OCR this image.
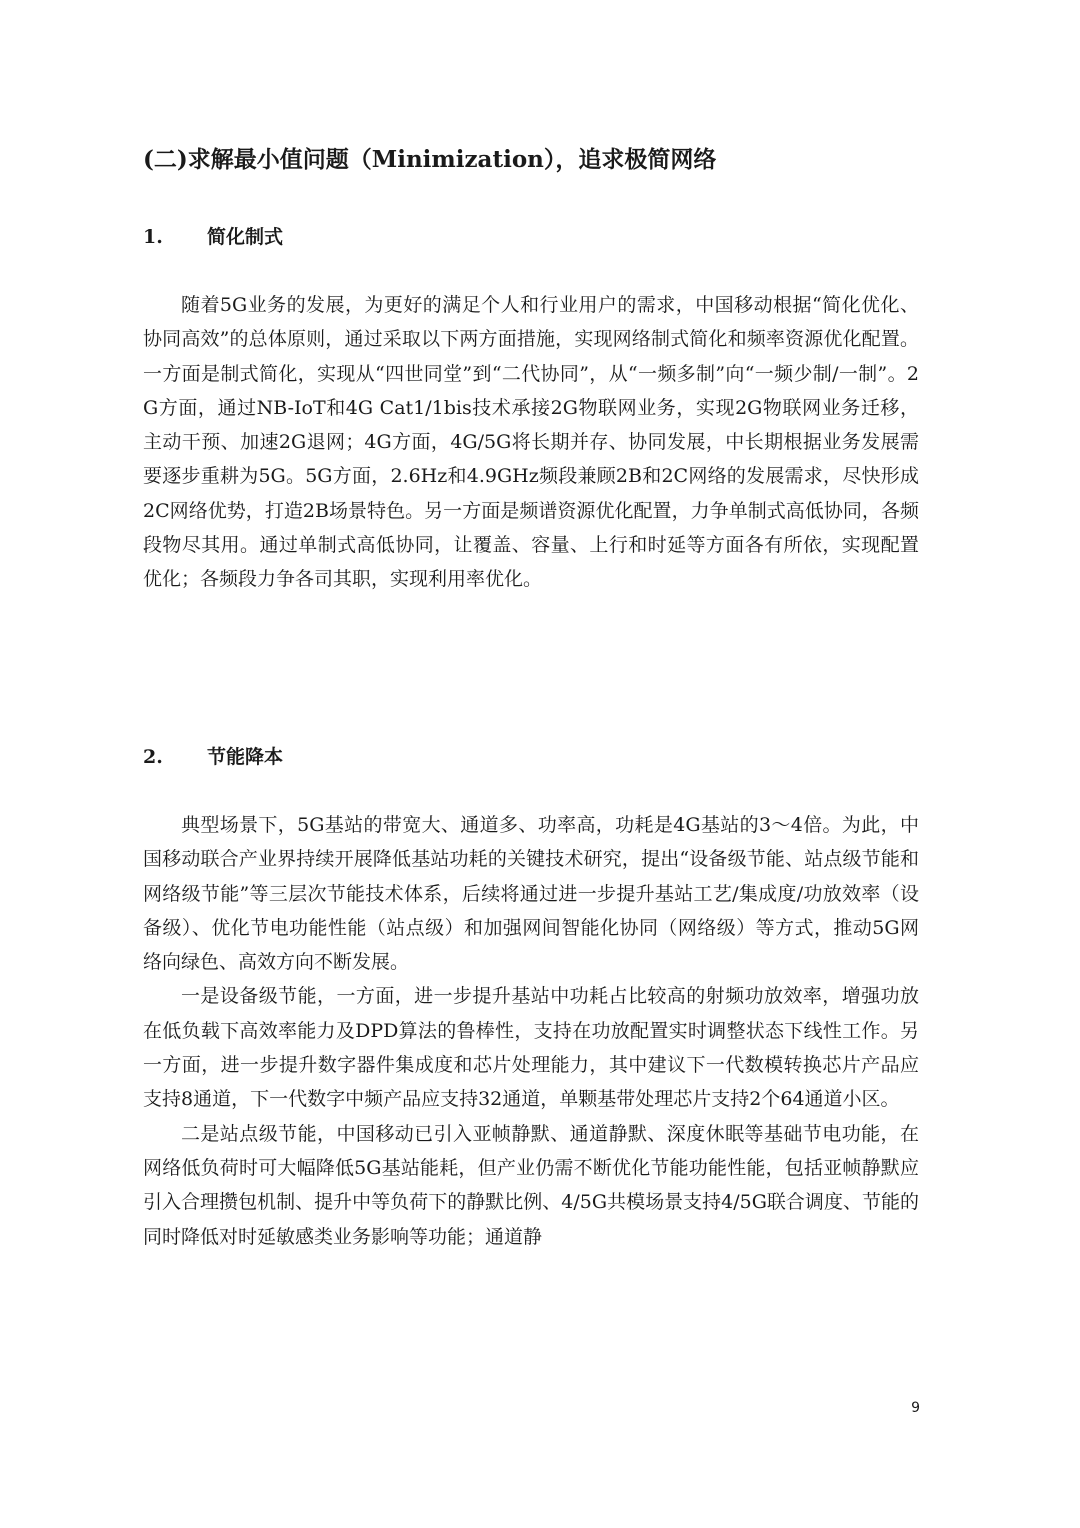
(二)求解最小值问题（Minimization），追求极简网络
1. 简化制式

随着5G业务的发展，为更好的满足个人和行业用户的需求，中国移动根据“简化优化、协同高效”的总体原则，通过采取以下两方面措施，实现网络制式简化和频率资源优化配置。一方面是制式简化，实现从“四世同堂”到“二代协同”，从“一频多制”向“一频少制/一制”。2G方面，通过NB-IoT和4G Cat1/1bis技术承接2G物联网业务，实现2G物联网业务迁移，主动干预、加速2G退网；4G方面，4G/5G将长期并存、协同发展，中长期根据业务发展需要逐步重耕为5G。5G方面，2.6Hz和4.9GHz频段兼顾2B和2C网络的发展需求，尽快形成2C网络优势，打造2B场景特色。另一方面是频谱资源优化配置，力争单制式高低协同，各频段物尽其用。通过单制式高低协同，让覆盖、容量、上行和时延等方面各有所依，实现配置优化；各频段力争各司其职，实现利用率优化。

2. 节能降本

典型场景下，5G基站的带宽大、通道多、功率高，功耗是4G基站的3～4倍。为此，中国移动联合产业界持续开展降低基站功耗的关键技术研究，提出“设备级节能、站点级节能和网络级节能”等三层次节能技术体系，后续将通过进一步提升基站工艺/集成度/功放效率（设备级）、优化节电功能性能（站点级）和加强网间智能化协同（网络级）等方式，推动5G网络向绿色、高效方向不断发展。

一是设备级节能，一方面，进一步提升基站中功耗占比较高的射频功放效率，增强功放在低负载下高效率能力及DPD算法的鲁棒性，支持在功放配置实时调整状态下线性工作。另一方面，进一步提升数字器件集成度和芯片处理能力，其中建议下一代数模转换芯片产品应支持8通道，下一代数字中频产品应支持32通道，单颗基带处理芯片支持2个64通道小区。

二是站点级节能，中国移动已引入亚帧静默、通道静默、深度休眠等基础节电功能，在网络低负荷时可大幅降低5G基站能耗，但产业仍需不断优化节能功能性能，包括亚帧静默应引入合理攒包机制、提升中等负荷下的静默比例、4/5G共模场景支持4/5G联合调度、节能的同时降低对时延敏感类业务影响等功能；通道静

9
